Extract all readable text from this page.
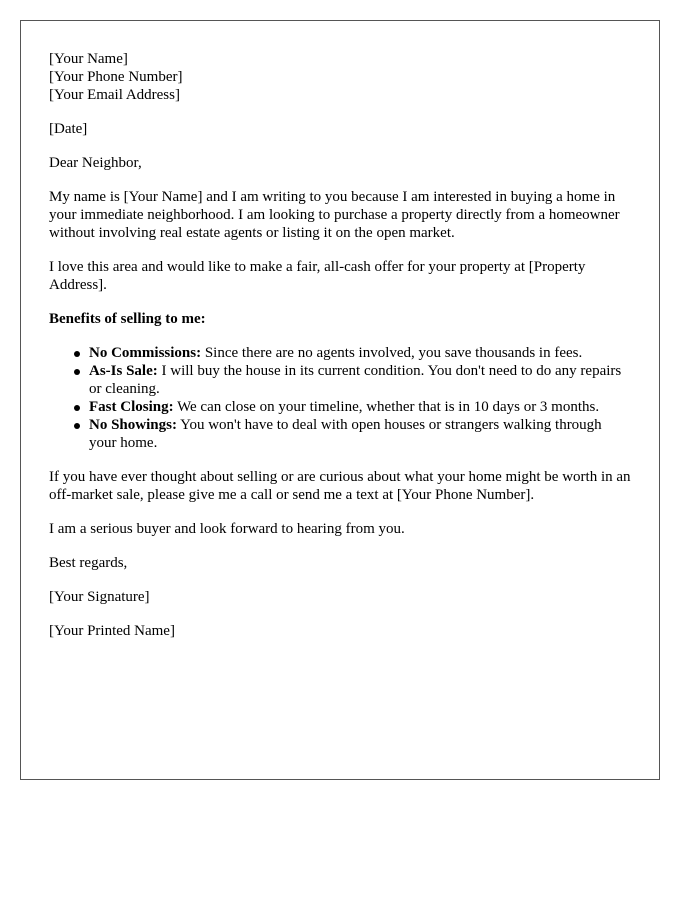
[Your Name]
[Your Phone Number]
[Your Email Address]

[Date]

Dear Neighbor,

My name is [Your Name] and I am writing to you because I am interested in buying a home in your immediate neighborhood. I am looking to purchase a property directly from a homeowner without involving real estate agents or listing it on the open market.

I love this area and would like to make a fair, all-cash offer for your property at [Property Address].

Benefits of selling to me:

No Commissions: Since there are no agents involved, you save thousands in fees.
As-Is Sale: I will buy the house in its current condition. You don't need to do any repairs or cleaning.
Fast Closing: We can close on your timeline, whether that is in 10 days or 3 months.
No Showings: You won't have to deal with open houses or strangers walking through your home.

If you have ever thought about selling or are curious about what your home might be worth in an off-market sale, please give me a call or send me a text at [Your Phone Number].

I am a serious buyer and look forward to hearing from you.

Best regards,

[Your Signature]

[Your Printed Name]
